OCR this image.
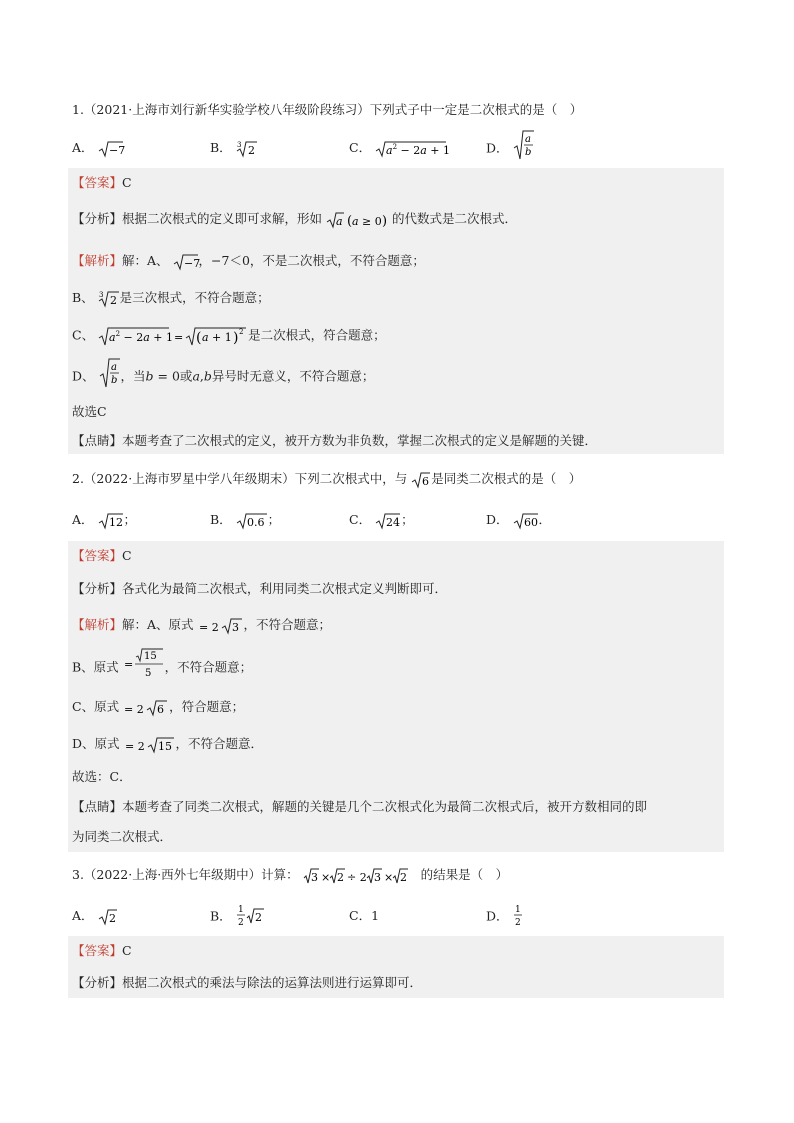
1.（2021·上海市刘行新华实验学校八年级阶段练习）下列式子中一定是二次根式的是（　）
A． −7	B． 3 2	C． $a^2 - 2a + 1$	D．
a
b
【答案】C
【分析】根据二次根式的定义即可求解，形如 a ( a ≥ 0 ) 的代数式是二次根式．
【解析】解：A、 −7
，−7＜0，不是二次根式，不符合题意；
B、 3 2 是三次根式，不符合题意；
C、 $a^2 - 2a + 1$ = ( a + 1 ) 2 是二次根式，符合题意；
D、
a
b ，当b = 0或a,b异号时无意义，不符合题意；
故选C
【点睛】本题考查了二次根式的定义，被开方数为非负数，掌握二次根式的定义是解题的关键．
2.（2022·上海市罗星中学八年级期末）下列二次根式中，与 6 是同类二次根式的是（　）
A． 12 ；	B． 0.6 ；	C． 24 ；	D． 60 ．
【答案】C
【分析】各式化为最简二次根式，利用同类二次根式定义判断即可．
【解析】解：A、原式 = 2 3 ，不符合题意；
B、原式 =
15
5 ，不符合题意；
C、原式 = 2 6 ，符合题意；
D、原式 = 2 15 ，不符合题意．
故选：C．
【点睛】本题考查了同类二次根式，解题的关键是几个二次根式化为最简二次根式后，被开方数相同的即
为同类二次根式．
3.（2022·上海·西外七年级期中）计算： 3 × 2 ÷ 2 3 × 2 的结果是（　）
A． 2	B． 1
2 2	C．1	D． 1
2
【答案】C
【分析】根据二次根式的乘法与除法的运算法则进行运算即可．
